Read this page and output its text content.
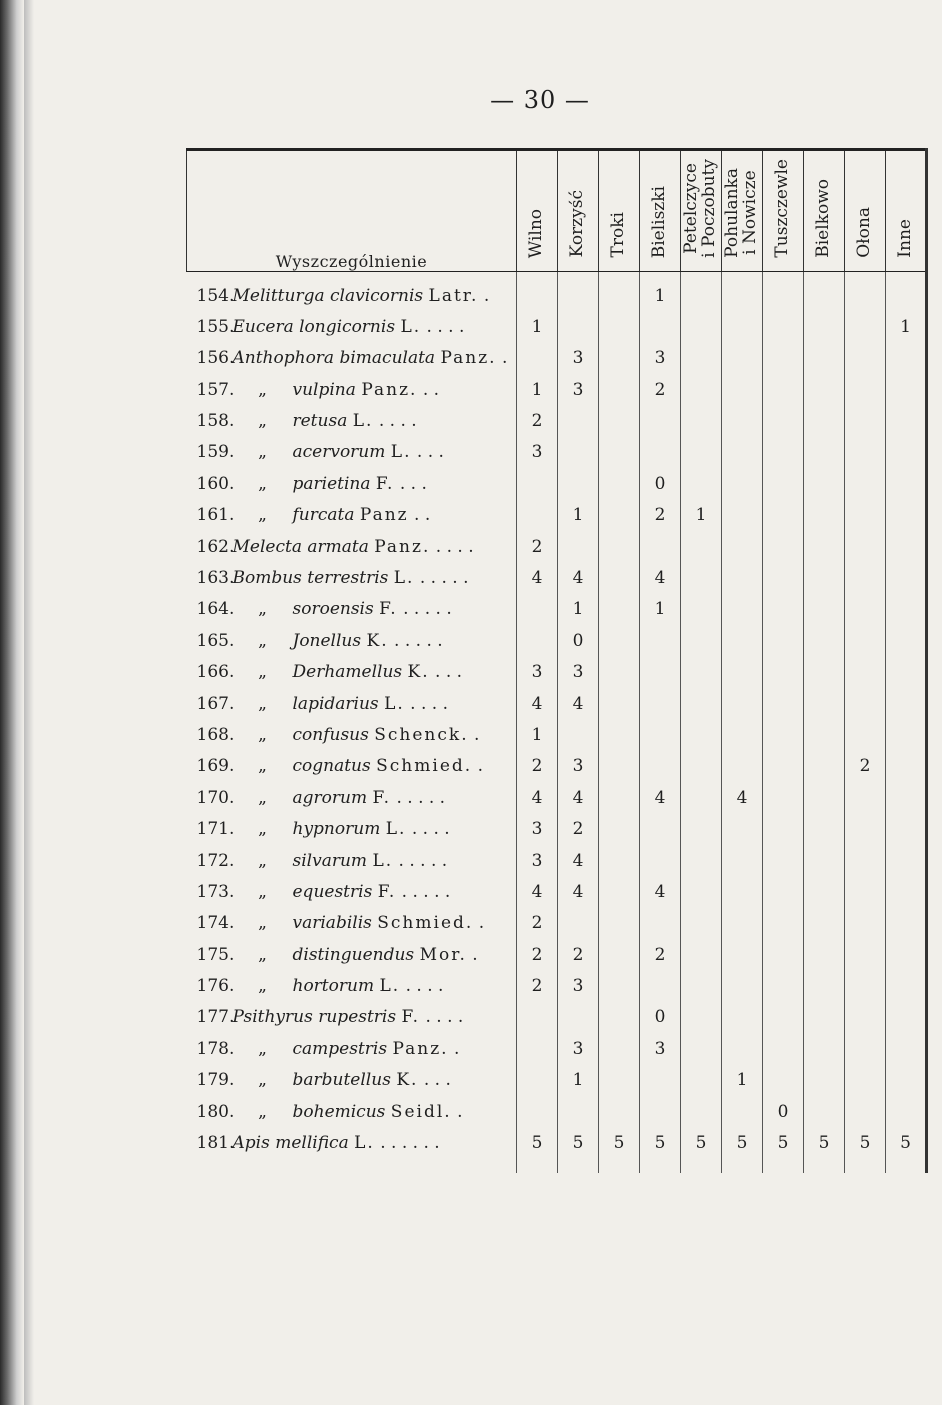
— 30 —
Wyszczególnienie	Wilno	Korzyść	Troki	Bieliszki	Petelczyce
i Poczobuty	Pohulanka
i Nowicze	Tuszczewle	Bielkowo	Ołona	Inne
154.Melitturga clavicornis Latr. .				1						
155.Eucera longicornis L. . . . .	1									1
156.Anthophora bimaculata Panz. .		3		3						
157. „ vulpina Panz. . .	1	3		2						
158. „ retusa L. . . . .	2									
159. „ acervorum L. . . .	3									
160. „ parietina F. . . .				0						
161. „ furcata Panz . .		1		2	1					
162.Melecta armata Panz. . . . .	2									
163.Bombus terrestris L. . . . . .	4	4		4						
164. „ soroensis F. . . . . .		1		1						
165. „ Jonellus K. . . . . .		0								
166. „ Derhamellus K. . . .	3	3								
167. „ lapidarius L. . . . .	4	4								
168. „ confusus Schenck. .	1									
169. „ cognatus Schmied. .	2	3							2	
170. „ agrorum F. . . . . .	4	4		4		4				
171. „ hypnorum L. . . . .	3	2								
172. „ silvarum L. . . . . .	3	4								
173. „ equestris F. . . . . .	4	4		4						
174. „ variabilis Schmied. .	2									
175. „ distinguendus Mor. .	2	2		2						
176. „ hortorum L. . . . .	2	3								
177.Psithyrus rupestris F. . . . .				0						
178. „ campestris Panz. .		3		3						
179. „ barbutellus K. . . .		1				1				
180. „ bohemicus Seidl. .							0			
181.Apis mellifica L. . . . . . .	5	5	5	5	5	5	5	5	5	5
